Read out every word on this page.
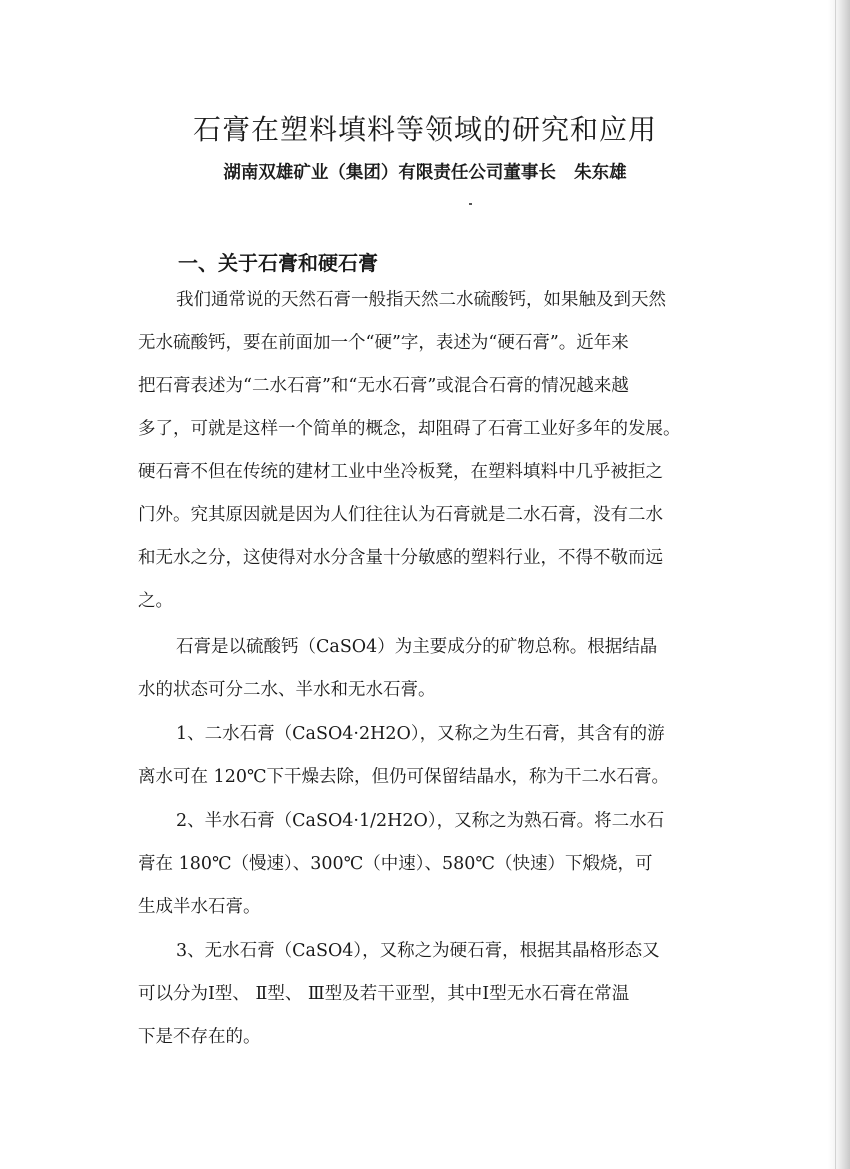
石膏在塑料填料等领域的研究和应用
湖南双雄矿业（集团）有限责任公司董事长   朱东雄
一、关于石膏和硬石膏
我们通常说的天然石膏一般指天然二水硫酸钙，如果触及到天然
无水硫酸钙，要在前面加一个“硬”字，表述为“硬石膏”。近年来
把石膏表述为“二水石膏”和“无水石膏”或混合石膏的情况越来越
多了，可就是这样一个简单的概念，却阻碍了石膏工业好多年的发展。
硬石膏不但在传统的建材工业中坐冷板凳，在塑料填料中几乎被拒之
门外。究其原因就是因为人们往往认为石膏就是二水石膏，没有二水
和无水之分，这使得对水分含量十分敏感的塑料行业，不得不敬而远
之。
石膏是以硫酸钙（CaSO4）为主要成分的矿物总称。根据结晶
水的状态可分二水、半水和无水石膏。
1、二水石膏（CaSO4·2H2O），又称之为生石膏，其含有的游
离水可在 120℃下干燥去除，但仍可保留结晶水，称为干二水石膏。
2、半水石膏（CaSO4·1/2H2O），又称之为熟石膏。将二水石
膏在 180℃（慢速）、300℃（中速）、580℃（快速）下煅烧，可
生成半水石膏。
3、无水石膏（CaSO4），又称之为硬石膏，根据其晶格形态又
可以分为Ⅰ型、 Ⅱ型、 Ⅲ型及若干亚型，其中Ⅰ型无水石膏在常温
下是不存在的。
